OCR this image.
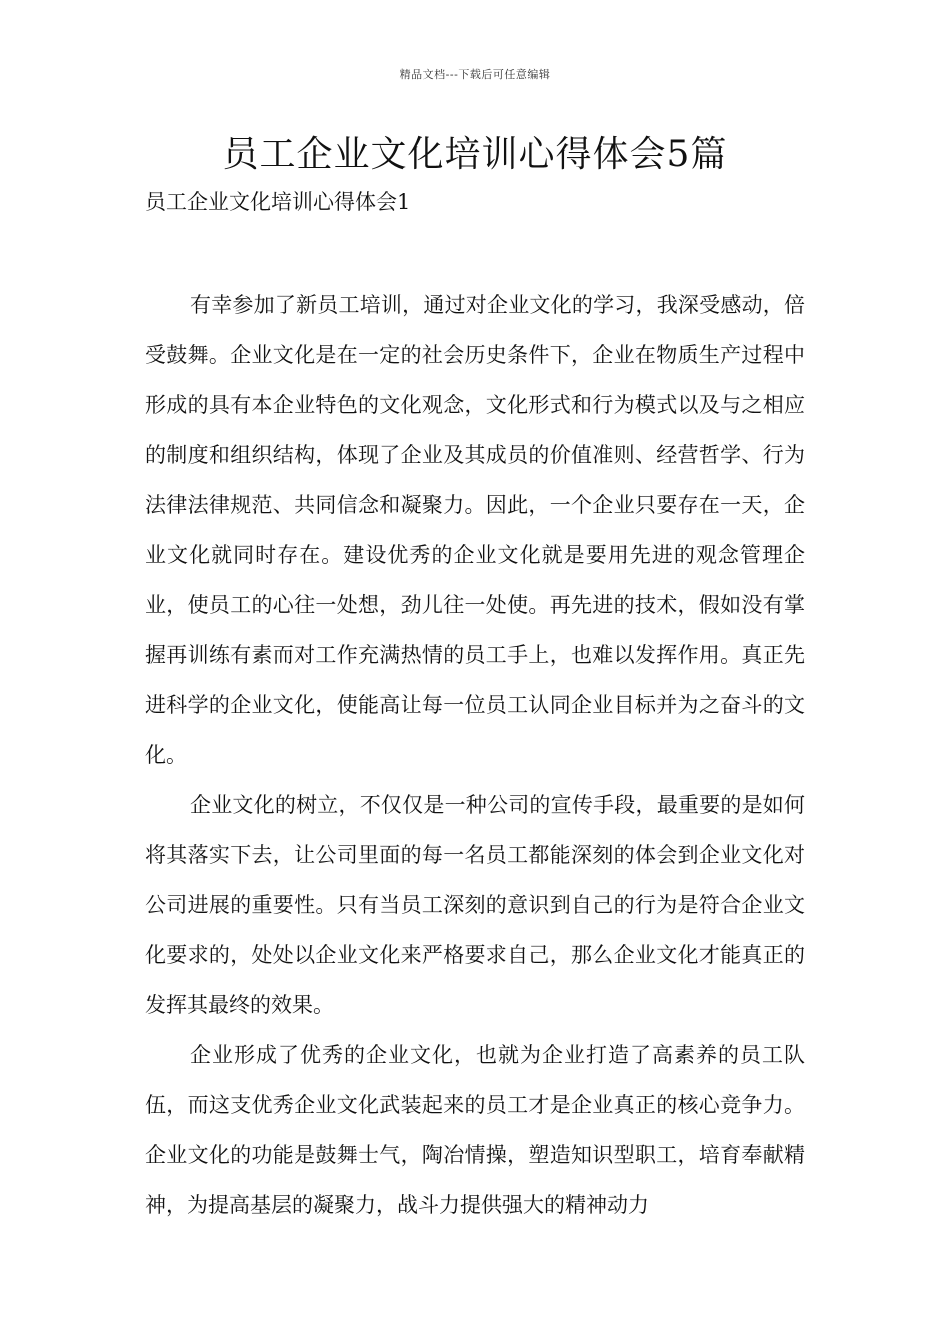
精品文档---下载后可任意编辑
员工企业文化培训心得体会5篇

员工企业文化培训心得体会1

有幸参加了新员工培训，通过对企业文化的学习，我深受感动，倍受鼓舞。企业文化是在一定的社会历史条件下，企业在物质生产过程中形成的具有本企业特色的文化观念，文化形式和行为模式以及与之相应的制度和组织结构，体现了企业及其成员的价值准则、经营哲学、行为法律法律规范、共同信念和凝聚力。因此，一个企业只要存在一天，企业文化就同时存在。建设优秀的企业文化就是要用先进的观念管理企业，使员工的心往一处想，劲儿往一处使。再先进的技术，假如没有掌握再训练有素而对工作充满热情的员工手上，也难以发挥作用。真正先进科学的企业文化，使能高让每一位员工认同企业目标并为之奋斗的文化。

企业文化的树立，不仅仅是一种公司的宣传手段，最重要的是如何将其落实下去，让公司里面的每一名员工都能深刻的体会到企业文化对公司进展的重要性。只有当员工深刻的意识到自己的行为是符合企业文化要求的，处处以企业文化来严格要求自己，那么企业文化才能真正的发挥其最终的效果。

企业形成了优秀的企业文化，也就为企业打造了高素养的员工队伍，而这支优秀企业文化武装起来的员工才是企业真正的核心竞争力。企业文化的功能是鼓舞士气，陶冶情操，塑造知识型职工，培育奉献精神，为提高基层的凝聚力，战斗力提供强大的精神动力
